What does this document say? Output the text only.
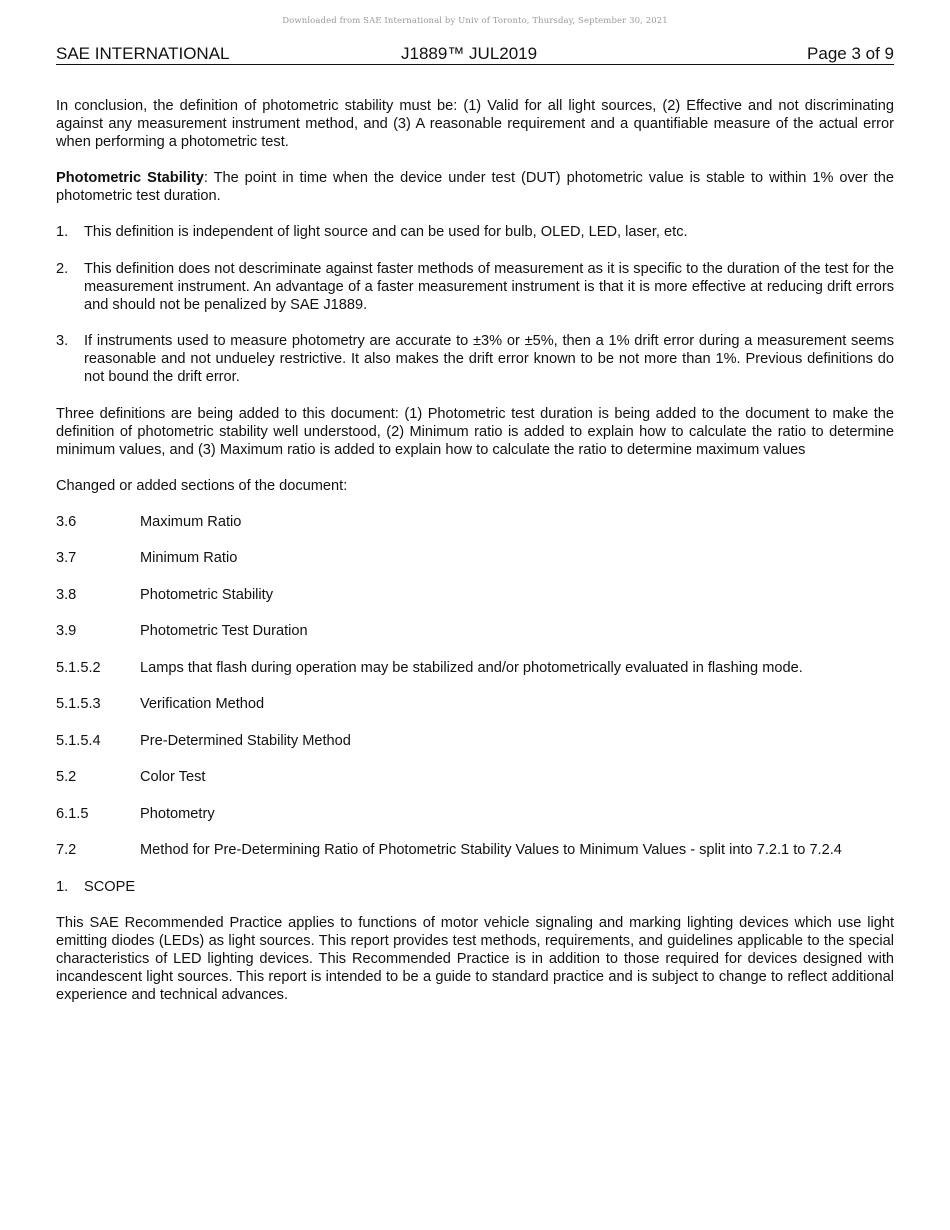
Downloaded from SAE International by Univ of Toronto, Thursday, September 30, 2021
SAE INTERNATIONAL	J1889™ JUL2019	Page 3 of 9

In conclusion, the definition of photometric stability must be: (1) Valid for all light sources, (2) Effective and not discriminating against any measurement instrument method, and (3) A reasonable requirement and a quantifiable measure of the actual error when performing a photometric test.

Photometric Stability: The point in time when the device under test (DUT) photometric value is stable to within 1% over the photometric test duration.

1.	This definition is independent of light source and can be used for bulb, OLED, LED, laser, etc.
2.	This definition does not descriminate against faster methods of measurement as it is specific to the duration of the test for the measurement instrument. An advantage of a faster measurement instrument is that it is more effective at reducing drift errors and should not be penalized by SAE J1889.
3.	If instruments used to measure photometry are accurate to ±3% or ±5%, then a 1% drift error during a measurement seems reasonable and not undueley restrictive. It also makes the drift error known to be not more than 1%. Previous definitions do not bound the drift error.

Three definitions are being added to this document: (1) Photometric test duration is being added to the document to make the definition of photometric stability well understood, (2) Minimum ratio is added to explain how to calculate the ratio to determine minimum values, and (3) Maximum ratio is added to explain how to calculate the ratio to determine maximum values

Changed or added sections of the document:

3.6	Maximum Ratio
3.7	Minimum Ratio
3.8	Photometric Stability
3.9	Photometric Test Duration
5.1.5.2	Lamps that flash during operation may be stabilized and/or photometrically evaluated in flashing mode.
5.1.5.3	Verification Method
5.1.5.4	Pre-Determined Stability Method
5.2	Color Test
6.1.5	Photometry
7.2	Method for Pre-Determining Ratio of Photometric Stability Values to Minimum Values - split into 7.2.1 to 7.2.4
1.	SCOPE

This SAE Recommended Practice applies to functions of motor vehicle signaling and marking lighting devices which use light emitting diodes (LEDs) as light sources. This report provides test methods, requirements, and guidelines applicable to the special characteristics of LED lighting devices. This Recommended Practice is in addition to those required for devices designed with incandescent light sources. This report is intended to be a guide to standard practice and is subject to change to reflect additional experience and technical advances.
